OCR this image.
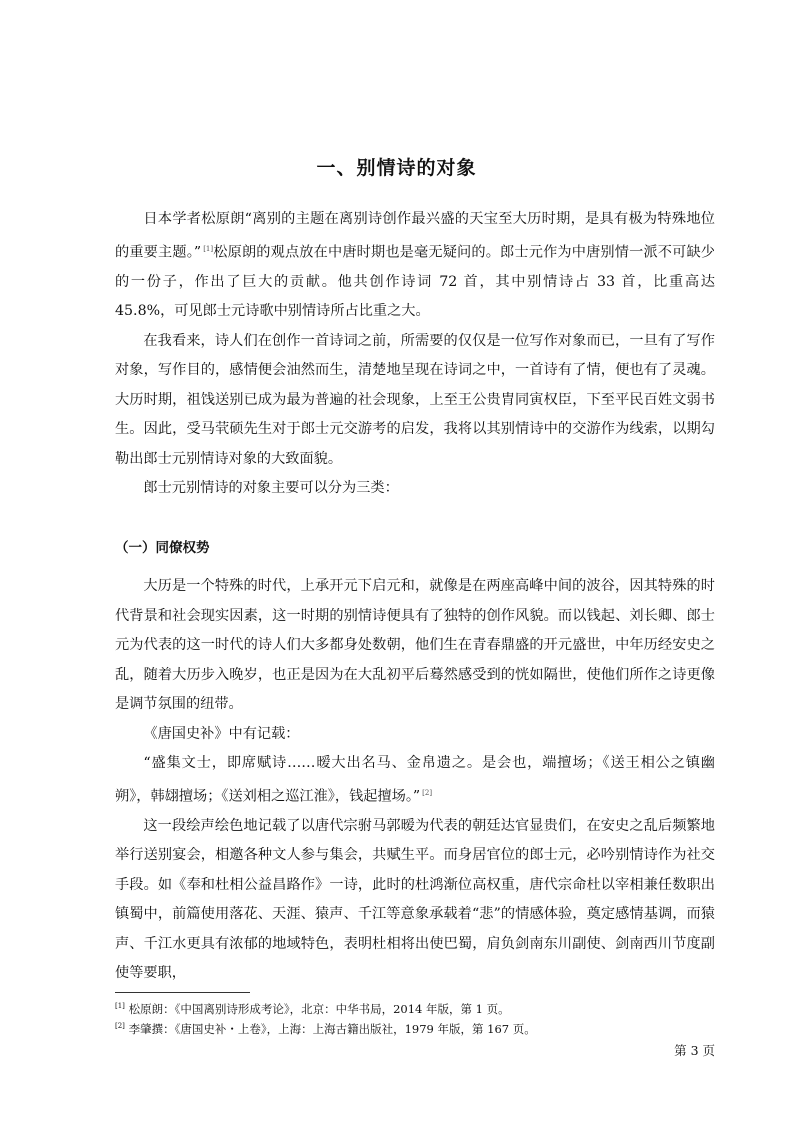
一、别情诗的对象

日本学者松原朗“离别的主题在离别诗创作最兴盛的天宝至大历时期，是具有极为特殊地位的重要主题。” [1]松原朗的观点放在中唐时期也是毫无疑问的。郎士元作为中唐别情一派不可缺少的一份子，作出了巨大的贡献。他共创作诗词 72 首，其中别情诗占 33 首，比重高达 45.8%，可见郎士元诗歌中别情诗所占比重之大。

在我看来，诗人们在创作一首诗词之前，所需要的仅仅是一位写作对象而已，一旦有了写作对象，写作目的，感情便会油然而生，清楚地呈现在诗词之中，一首诗有了情，便也有了灵魂。大历时期，祖饯送别已成为最为普遍的社会现象，上至王公贵胄同寅权臣，下至平民百姓文弱书生。因此，受马茕硕先生对于郎士元交游考的启发，我将以其别情诗中的交游作为线索，以期勾勒出郎士元别情诗对象的大致面貌。

郎士元别情诗的对象主要可以分为三类：

（一）同僚权势

大历是一个特殊的时代，上承开元下启元和，就像是在两座高峰中间的波谷，因其特殊的时代背景和社会现实因素，这一时期的别情诗便具有了独特的创作风貌。而以钱起、刘长卿、郎士元为代表的这一时代的诗人们大多都身处数朝，他们生在青春鼎盛的开元盛世，中年历经安史之乱，随着大历步入晚岁，也正是因为在大乱初平后蓦然感受到的恍如隔世，使他们所作之诗更像是调节氛围的纽带。

《唐国史补》中有记载：

“盛集文士，即席赋诗……暧大出名马、金帛遗之。是会也，端擅场；《送王相公之镇幽朔》，韩翃擅场；《送刘相之巡江淮》，钱起擅场。” [2]

这一段绘声绘色地记载了以唐代宗驸马郭暧为代表的朝廷达官显贵们，在安史之乱后频繁地举行送别宴会，相邀各种文人参与集会，共赋生平。而身居官位的郎士元，必吟别情诗作为社交手段。如《奉和杜相公益昌路作》一诗，此时的杜鸿渐位高权重，唐代宗命杜以宰相兼任数职出镇蜀中，前篇使用落花、天涯、猿声、千江等意象承载着“悲”的情感体验，奠定感情基调，而猿声、千江水更具有浓郁的地域特色，表明杜相将出使巴蜀，肩负剑南东川副使、剑南西川节度副使等要职，

[1] 松原朗：《中国离别诗形成考论》，北京：中华书局，2014 年版，第 1 页。
[2] 李肇撰：《唐国史补・上卷》，上海：上海古籍出版社，1979 年版，第 167 页。
第 3 页
